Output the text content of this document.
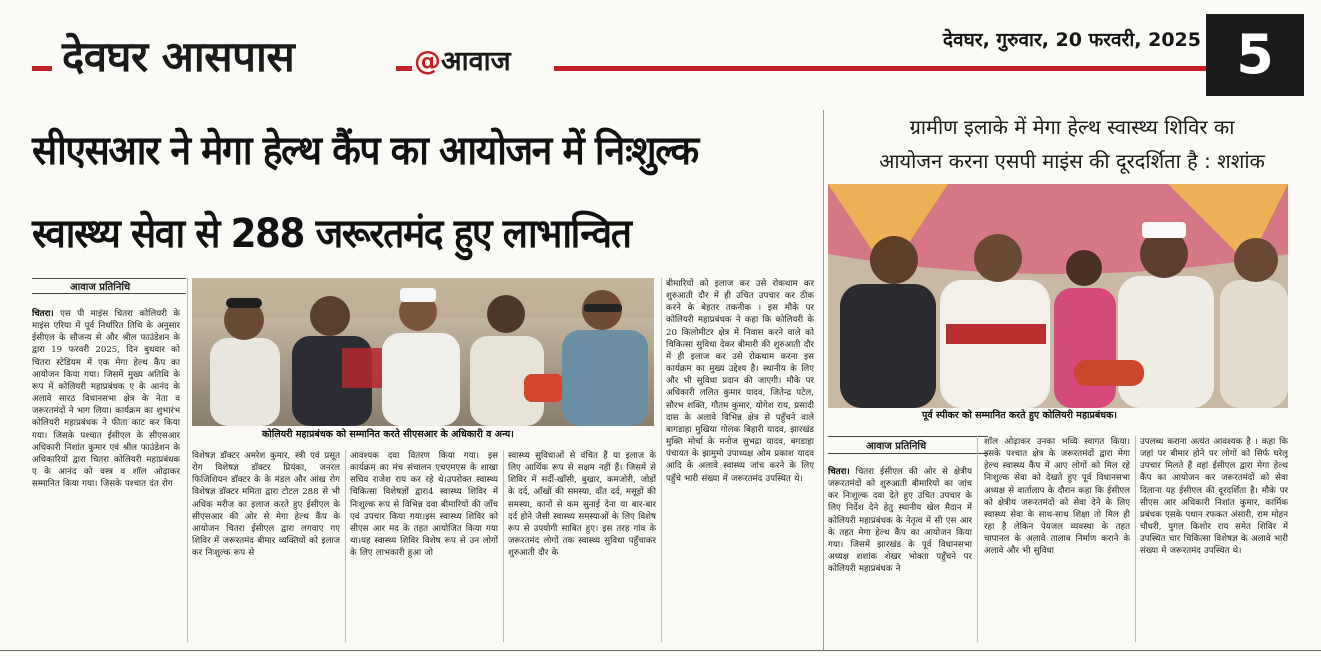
देवघर आसपास	@आवाज
देवघर, गुरुवार, 20 फरवरी, 2025 5
सीएसआर ने मेगा हेल्थ कैंप का आयोजन में निःशुल्क
स्वास्थ्य सेवा से 288 जरूरतमंद हुए लाभान्वित
ग्रामीण इलाके में मेगा हेल्थ स्वास्थ्य शिविर का
आयोजन करना एसपी माइंस की दूरदर्शिता है : शशांक
आवाज प्रतिनिधि
चितरा। एस पी माइंस चितरा कोलियरी के माइंस एरिया में पूर्व निर्धारित तिथि के अनुसार ईसीएल के सौजन्य से और श्रील फाउंडेशन के द्वारा 19 फरवरी 2025, दिन बुधवार को चितरा स्टेडियम में एक मेगा हेल्थ कैंप का आयोजन किया गया। जिसमें मुख्य अतिथि के रूप में कोलियरी महाप्रबंधक ए के आनंद के अलावे सारठ विधानसभा क्षेत्र के नेता व जरूरतमंदों ने भाग लिया। कार्यक्रम का शुभारंभ कोलियरी महाप्रबंधक ने फीता काट कर किया गया। जिसके पश्चात ईसीएल के सीएसआर अधिकारी निशांत कुमार एवं श्रील फाउंडेशन के अधिकारियों द्वारा चितरा कोलियरी महाप्रबंधक ए के आनंद को वस्त्र व शॉल ओढ़ाकर सम्मानित किया गया। जिसके पश्चात दंत रोग
कोलियरी महाप्रबंधक को सम्मानित करते सीएसआर के अधिकारी व अन्य।
विशेषज्ञ डॉक्टर अमरेश कुमार, स्त्री एवं प्रसूत रोग विशेषज्ञ डॉक्टर प्रियंका, जनरल फिजिशियन डॉक्टर के के मंडल और आंख रोग विशेषज्ञ डॉक्टर ममिता द्वारा टोटल 288 से भी अधिक मरीज का इलाज करते हुए ईसीएल के सीएसआर की ओर से मेगा हेल्थ कैंप के आयोजन चितरा ईसीएल द्वारा लगवाए गए शिविर में जरूरतमंद बीमार व्यक्तियों को इलाज कर निःशुल्क रूप से
आवश्यक दवा वितरण किया गया। इस कार्यक्रम का मंच संचालन एचएमएस के शाखा सचिव राजेश राय कर रहे थे।उपरोक्त स्वास्थ्य चिकित्सा विशेषज्ञों द्वारा4 स्वास्थ्य शिविर में निःशुल्क रूप से विभिन्न दवा बीमारियों की जाँच एवं उपचार किया गया।इस स्वास्थ्य शिविर को सीएस आर मद के तहत आयोजित किया गया था।यह स्वास्थ्य शिविर विशेष रूप से उन लोगों के लिए लाभकारी हुआ जो
स्वास्थ्य सुविधाओं से वंचित हैं या इलाज के लिए आर्थिक रूप से सक्षम नहीं हैं। जिसमें से शिविर में सर्दी-खाँसी, बुखार, कमजोरी, जोड़ों के दर्द, आँखों की समस्या, दाँत दर्द, मसूड़ों की समस्या, कानों से कम सुनाई देना या बार-बार दर्द होने जैसी स्वास्थ्य समस्याओं के लिए विशेष रूप से उपयोगी साबित हुए। इस तरह गांव के जरूरतमंद लोगों तक स्वास्थ्य सुविधा पहुँचाकर शुरुआती दौर के
बीमारियों को इलाज कर उसे रोकथाम कर शुरुआती दौर में ही उचित उपचार कर ठीक करने के बेहतर तकनीक । इस मौके पर कोलियरी महाप्रबंधक ने कहा कि कोलियरी के 20 किलोमीटर क्षेत्र में निवास करने वाले को चिकित्सा सुविधा देकर बीमारी की शुरुआती दौर में ही इलाज कर उसे रोकथाम करना इस कार्यक्रम का मुख्य उद्देश्य है। स्थानीय के लिए और भी सुविधा प्रदान की जाएगी। मौके पर अधिकारी ललित कुमार यादव, जितेन्द्र पटेल, सौरभ शक्ति, गौतम कुमार, योगेश राय, प्रसादी दास के अलावे विभिन्न क्षेत्र से पहुँचने वाले बागडाहा मुखिया गोलक बिहारी यादव, झारखंड मुक्ति मोर्चा के मनोज सुभद्रा यादव, बगडाहा पंचायत के झामुमो उपाध्यक्ष ओम प्रकाश यादव आदि के अलावे स्वास्थ्य जांच करने के लिए पहुँचे भारी संख्या में जरूरतमंद उपस्थित थे।
पूर्व स्पीकर को सम्मानित करते हुए कोलियरी महाप्रबंधक।
आवाज प्रतिनिधि
चितरा। चितरा ईसीएल की ओर से क्षेत्रीय जरूरतमंदों को शुरुआती बीमारियों का जांच कर निःशुल्क दवा देते हुए उचित उपचार के लिए निर्देश देने हेतु स्थानीय खेल मैदान में कोलियरी महाप्रबंधक के नेतृत्व में सी एस आर के तहत मेगा हेल्थ कैंप का आयोजन किया गया। जिसमें झारखंड के पूर्व विधानसभा अध्यक्ष शशांक शेखर भोक्ता पहुँचने पर कोलियरी महाप्रबंधक ने
शॉल ओढ़ाकर उनका भव्यि स्वागत किया। इसके पश्चात क्षेत्र के जरूरतमंदों द्वारा मेगा हेल्थ स्वास्थ्य कैंप में आए लोगों को मिल रहे निःशुल्क सेवा को देखते हुए पूर्व विधानसभा अध्यक्ष से वार्तालाप के दौरान कहा कि ईसीएल को क्षेत्रीय जरूरतमंदों को सेवा देने के लिए स्वास्थ्य सेवा के साथ-साथ शिक्षा तो मिल ही रहा है लेकिन पेयजल व्यवस्था के तहत चापानल के अलावे तालाब निर्माण कराने के अलावे और भी सुविधा
उपलब्ध कराना अत्यंत आवश्यक है । कहा कि जहां पर बीमार होने पर लोगों को सिर्फ घरेलू उपचार मिलते हैं वहां ईसीएल द्वारा मेगा हेल्थ कैंप का आयोजन कर जरूरतमंदों को सेवा दिलाना यह ईसीएल की दूरदर्शिता है। मौके पर सीएस आर अधिकारी निशांत कुमार, कार्मिक प्रबंधक एसके पधान रफकत अंसारी, राम मोहन चौधरी, युगल किशोर राय समेत शिविर में उपस्थित चार चिकित्सा विशेषज्ञ के अलावे भारी संख्या में जरूरतमंद उपस्थित थे।
